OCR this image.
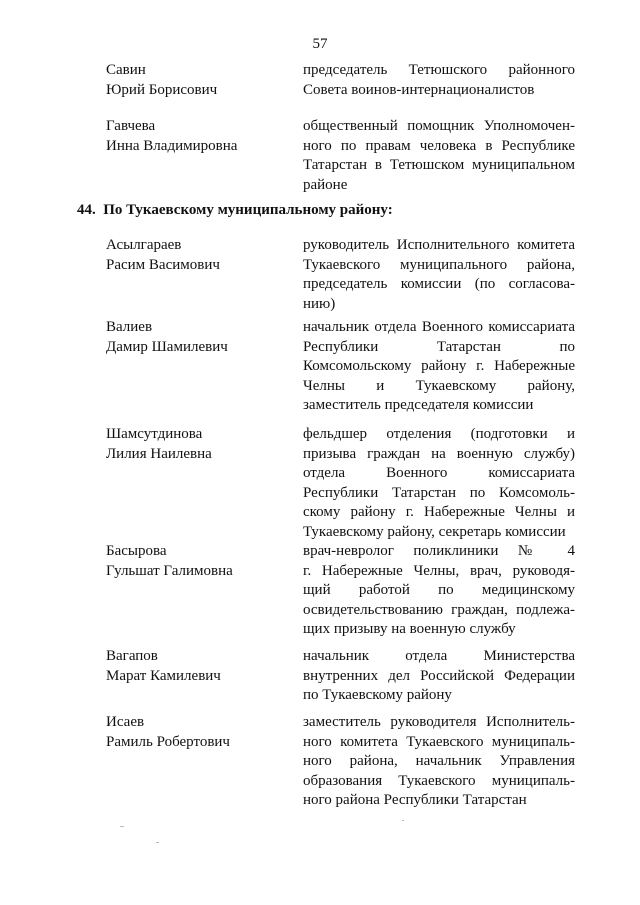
57
Савин
Юрий Борисович
председатель Тетюшского районного
Совета воинов-интернационалистов
Гавчева
Инна Владимировна
общественный помощник Уполномочен-
ного по правам человека в Республике
Татарстан в Тетюшском муниципальном
районе
44. По Тукаевскому муниципальному району:
Асылгараев
Расим Васимович
руководитель Исполнительного комитета
Тукаевского муниципального района,
председатель комиссии (по согласова-
нию)
Валиев
Дамир Шамилевич
начальник отдела Военного комиссариата
Республики Татарстан по
Комсомольскому району г. Набережные
Челны и Тукаевскому району,
заместитель председателя комиссии
Шамсутдинова
Лилия Наилевна
фельдшер отделения (подготовки и
призыва граждан на военную службу)
отдела Военного комиссариата
Республики Татарстан по Комсомоль-
скому району г. Набережные Челны и
Тукаевскому району, секретарь комиссии
Басырова
Гульшат Галимовна
врач-невролог поликлиники № 4
г. Набережные Челны, врач, руководя-
щий работой по медицинскому
освидетельствованию граждан, подлежа-
щих призыву на военную службу
Вагапов
Марат Камилевич
начальник отдела Министерства
внутренних дел Российской Федерации
по Тукаевскому району
Исаев
Рамиль Робертович
заместитель руководителя Исполнитель-
ного комитета Тукаевского муниципаль-
ного района, начальник Управления
образования Тукаевского муниципаль-
ного района Республики Татарстан
